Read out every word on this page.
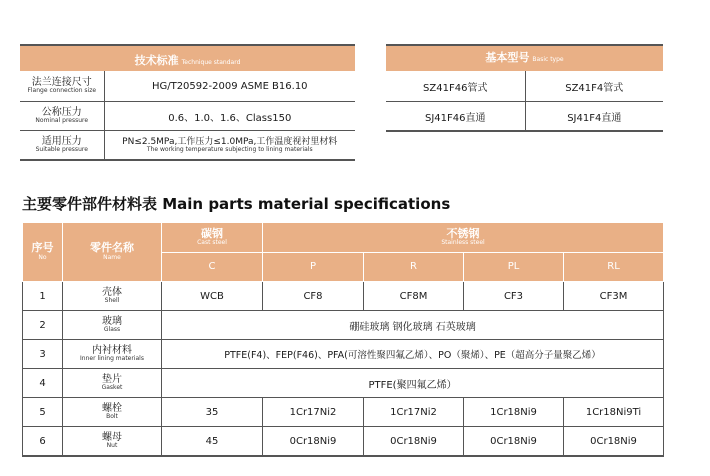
技术标准 Technique standard	

法兰连接尺寸
Flange connection size	HG/T20592-2009 ASME B16.10

公称压力
Nominal pressure	0.6、1.0、1.6、Class150

适用压力
Suitable pressure	PN≤2.5MPa,工作压力≤1.0MPa,工作温度视衬里材料
The working temperature subjecting to lining materials
基本型号 Basic type	
SZ41F46管式	SZ41F4管式
SJ41F46直通	SJ41F4直通
主要零件部件材料表 Main parts material specifications
序号
No	零件名称
Name	碳钢
Cast steel	不锈钢
Stainless steel			

		C	P	R	PL	RL
1	壳体
Shell	WCB	CF8	CF8M	CF3	CF3M
2	玻璃
Glass	硼硅玻璃 钢化玻璃 石英玻璃				
3	内衬材料
Inner lining materials	PTFE(F4)、FEP(F46)、PFA(可溶性聚四氟乙烯）、PO（聚烯）、PE（超高分子量聚乙烯）				
4	垫片
Gasket	PTFE(聚四氟乙烯）				
5	螺栓
Bolt	35	1Cr17Ni2	1Cr17Ni2	1Cr18Ni9	1Cr18Ni9Ti
6	螺母
Nut	45	0Cr18Ni9	0Cr18Ni9	0Cr18Ni9	0Cr18Ni9
